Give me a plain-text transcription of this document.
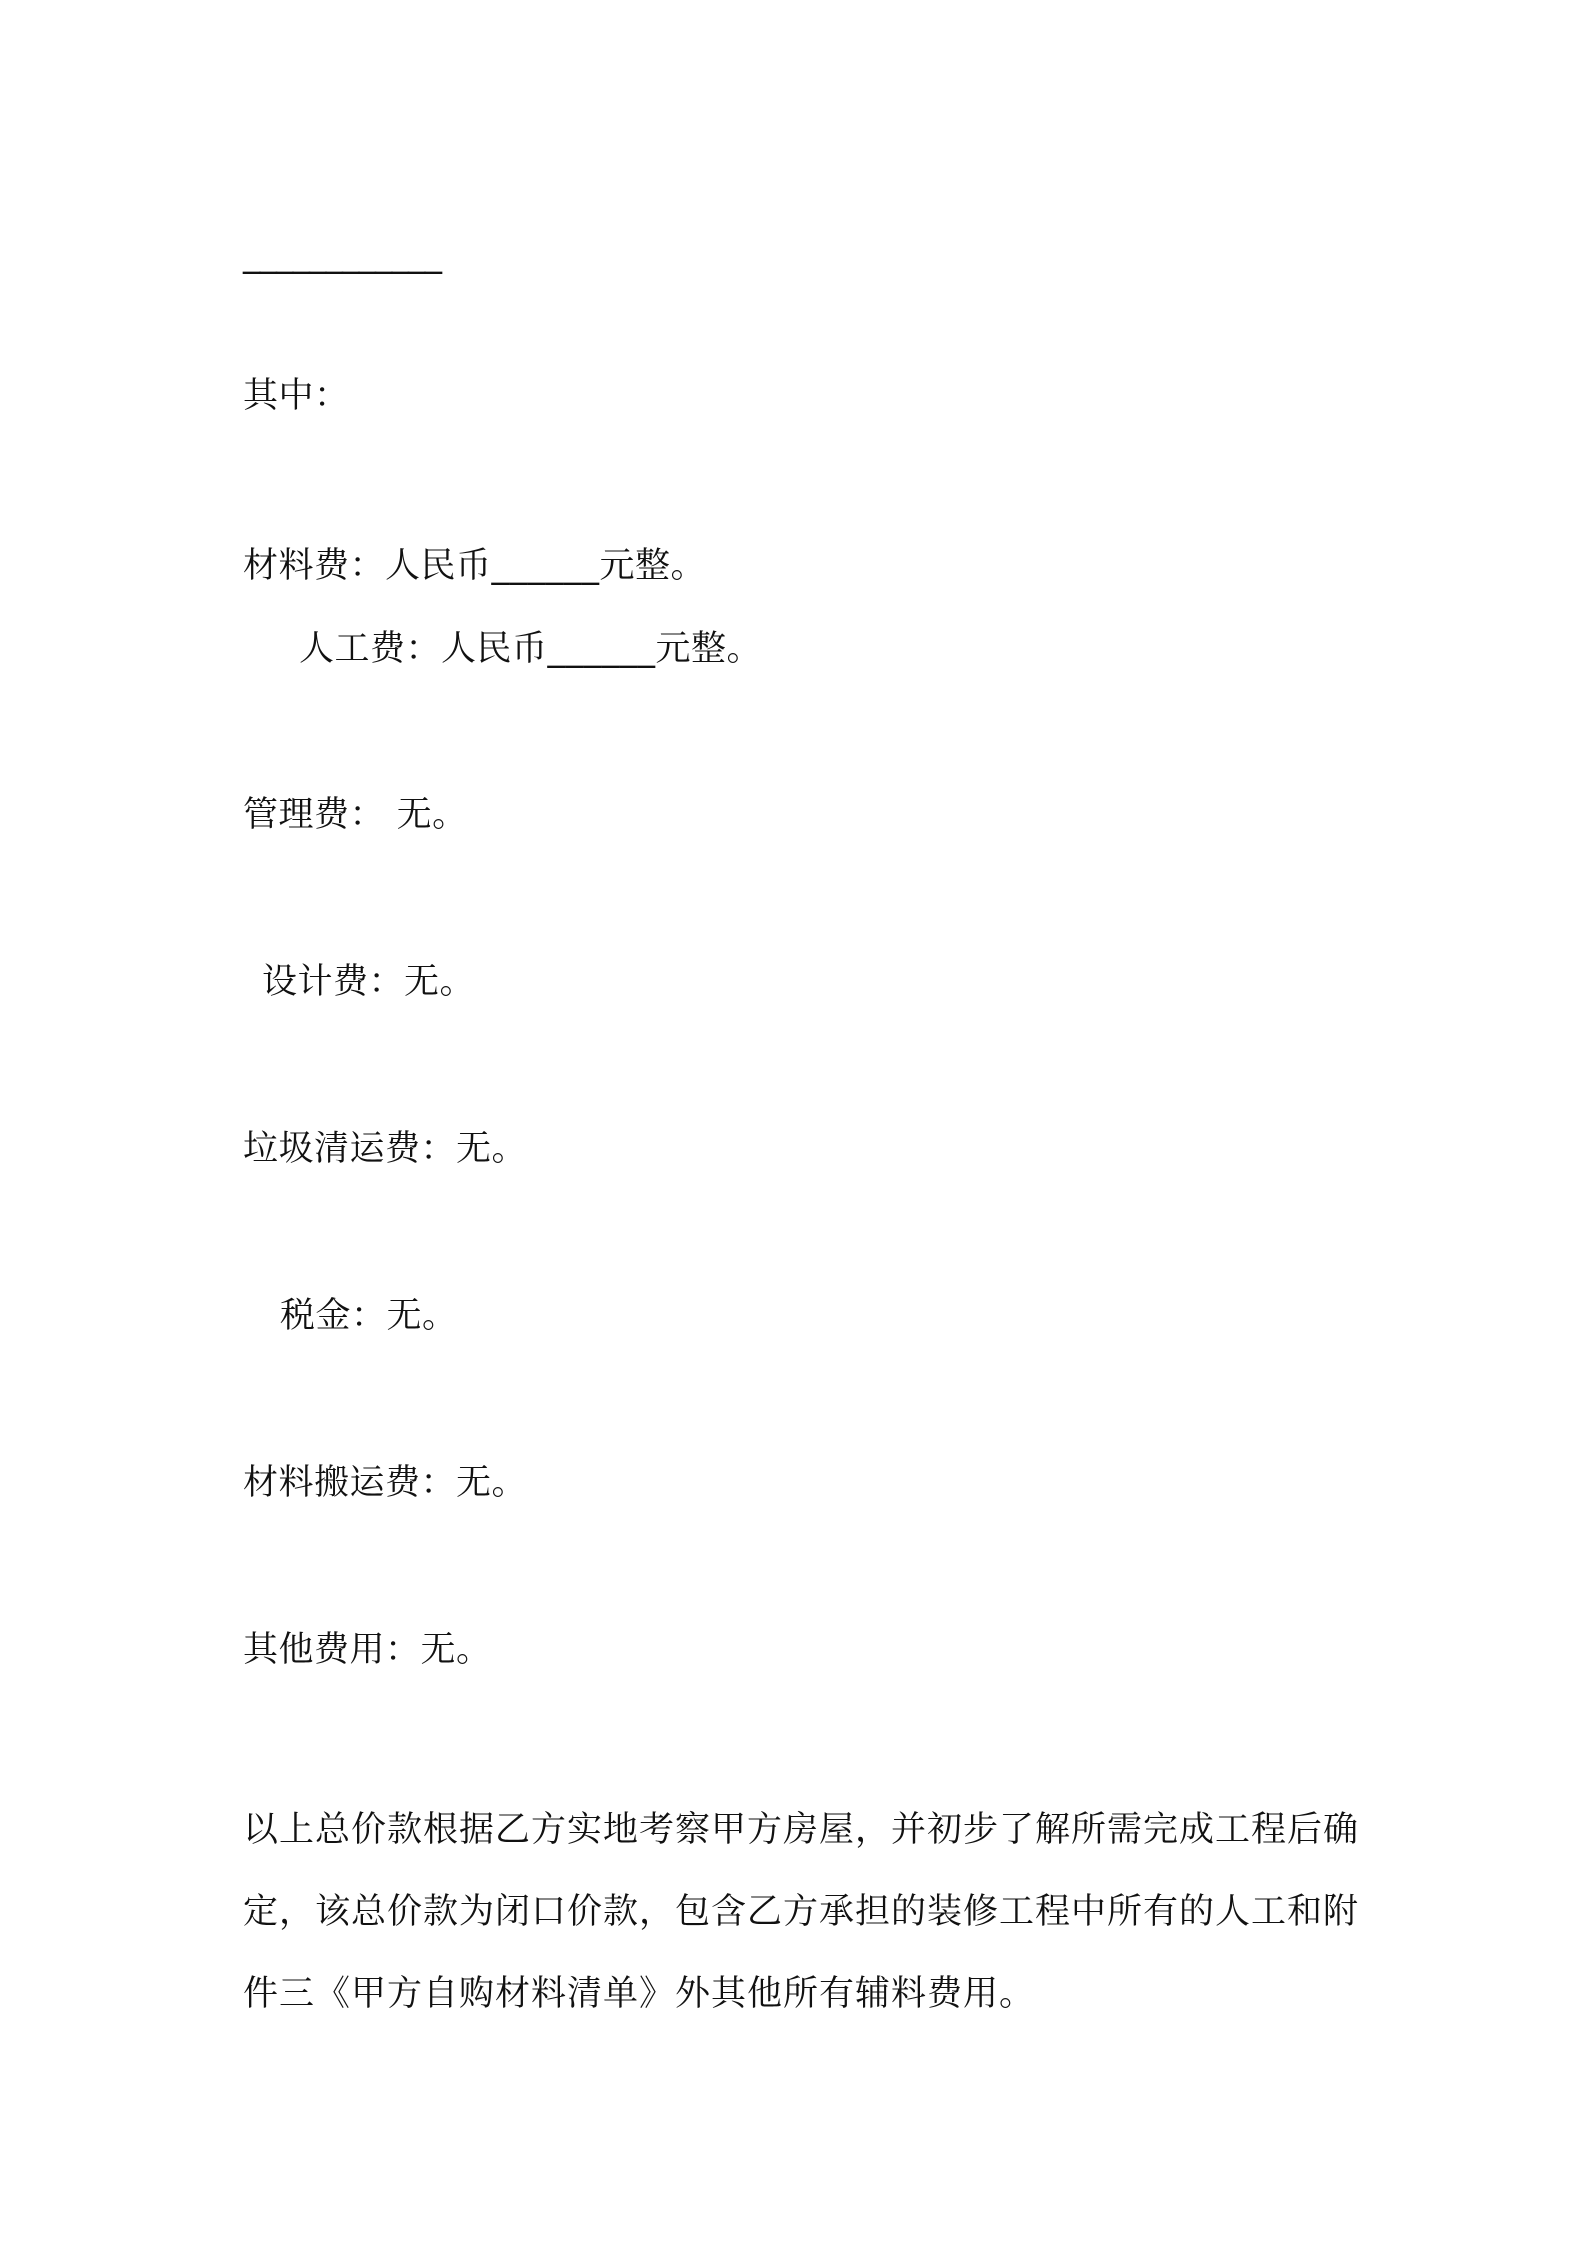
____________
其中：
材料费：人民币______元整。
人工费：人民币______元整。
管理费： 无。
设计费：无。
垃圾清运费：无。
税金：无。
材料搬运费：无。
其他费用：无。
以上总价款根据乙方实地考察甲方房屋，并初步了解所需完成工程后确定，该总价款为闭口价款，包含乙方承担的装修工程中所有的人工和附件三《甲方自购材料清单》外其他所有辅料费用。
